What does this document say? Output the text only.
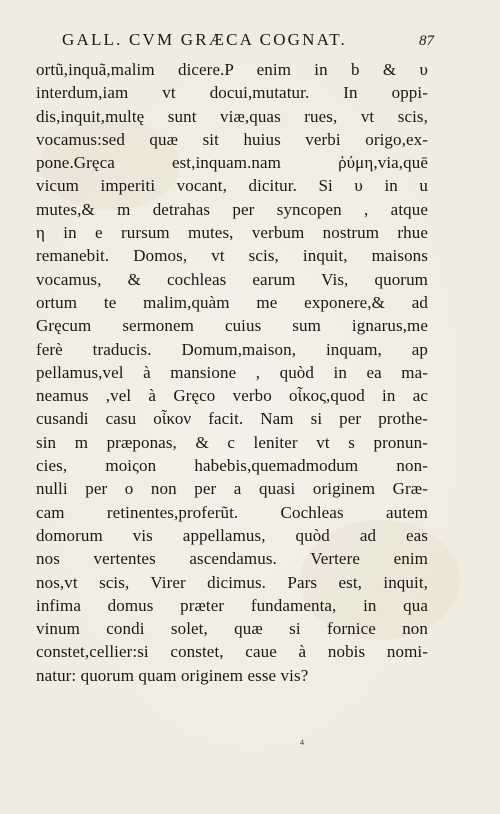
GALL. CVM GRÆCA COGNAT.	87
ortũ,inquã,malim dicere.P enim in b & υ
interdum,iam vt docui,mutatur. In oppi-
dis,inquit,multę sunt viæ,quas rues, vt scis,
vocamus:sed quæ sit huius verbi origo,ex-
pone.Gręca est,inquam.nam ῥύμη,via,quē
vicum imperiti vocant, dicitur. Si υ in u
mutes,& m detrahas per syncopen , atque
η in e rursum mutes, verbum nostrum rhue
remanebit. Domos, vt scis, inquit, maisons
vocamus, & cochleas earum Vis, quorum
ortum te malim,quàm me exponere,& ad
Gręcum sermonem cuius sum ignarus,me
ferè traducis. Domum,maison, inquam, ap
pellamus,vel à mansione , quòd in ea ma-
neamus ,vel à Gręco verbo οἶκος,quod in ac
cusandi casu οἶκον facit. Nam si per prothe-
sin m præponas, & c leniter vt s pronun-
cies, moiςon habebis,quemadmodum non-
nulli per o non per a quasi originem Græ-
cam retinentes,proferũt. Cochleas autem
domorum vis appellamus, quòd ad eas
nos vertentes ascendamus. Vertere enim
nos,vt scis, Virer dicimus. Pars est, inquit,
infima domus præter fundamenta, in qua
vinum condi solet, quæ si fornice non
constet,cellier:si constet, caue à nobis nomi-
natur: quorum quam originem esse vis?
4
